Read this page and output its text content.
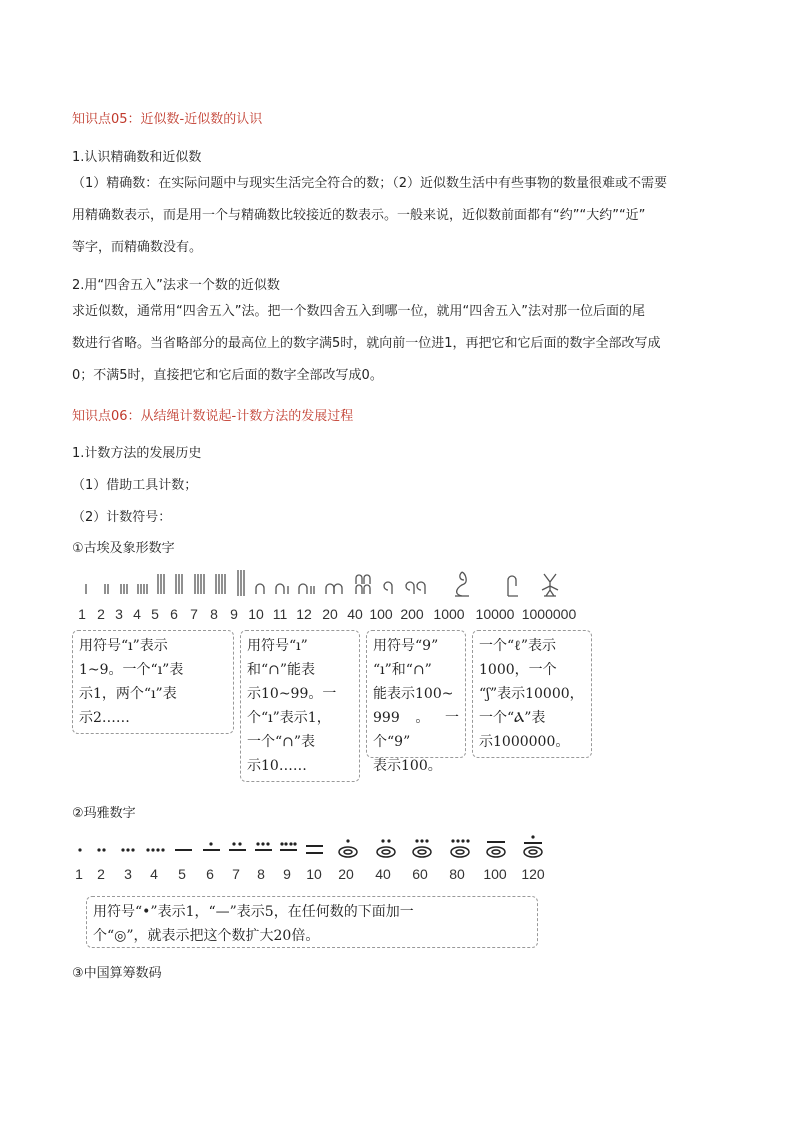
知识点05：近似数-近似数的认识
1.认识精确数和近似数
（1）精确数：在实际问题中与现实生活完全符合的数；（2）近似数生活中有些事物的数量很难或不需要
用精确数表示，而是用一个与精确数比较接近的数表示。一般来说，近似数前面都有“约”“大约”“近”
等字，而精确数没有。
2.用“四舍五入”法求一个数的近似数
求近似数，通常用“四舍五入”法。把一个数四舍五入到哪一位，就用“四舍五入”法对那一位后面的尾
数进行省略。当省略部分的最高位上的数字满5时，就向前一位进1，再把它和它后面的数字全部改写成
0；不满5时，直接把它和它后面的数字全部改写成0。
知识点06：从结绳计数说起-计数方法的发展过程
1.计数方法的发展历史
（1）借助工具计数；
（2）计数符号：
①古埃及象形数字
1 2 3 4 5 6 7 8 9 10 11 12 20 40 100 200 1000 10000 1000000
用符号“ı”表示
1~9。一个“ı”表
示1，两个“ı”表
示2……
用符号“ı”
和“∩”能表
示10~99。一
个“ı”表示1，
一个“∩”表
示10……
用符号“9”
“ı”和“∩”
能表示100~
999。一个“9”
表示100。
一个“ℓ”表示
1000，一个
“ʃ”表示10000，
一个“Ⲁ”表
示1000000。
②玛雅数字
1	2	3	4	5	6	7	8	9	10	20	40	60	80	100	120
用符号“•”表示1，“—”表示5，在任何数的下面加一
个“◎”，就表示把这个数扩大20倍。
③中国算筹数码
